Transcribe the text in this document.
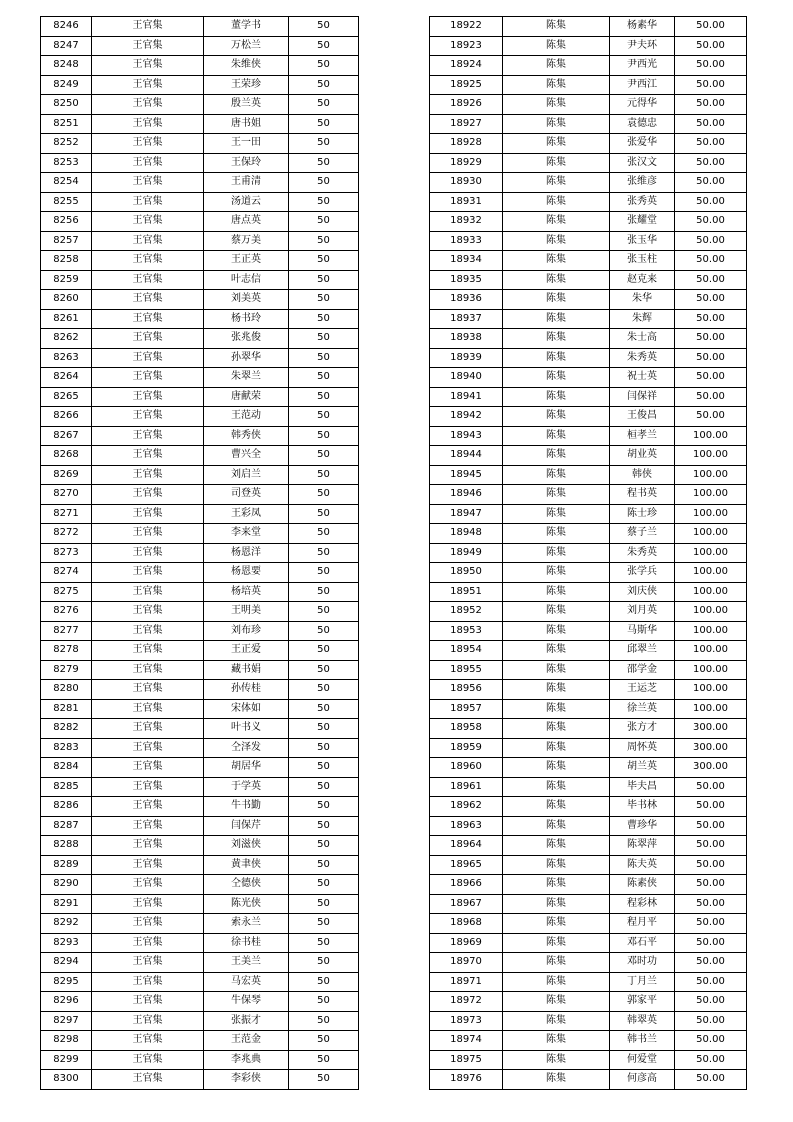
8246	王官集	董学书	50
8247	王官集	万松兰	50
8248	王官集	朱维侠	50
8249	王官集	王荣珍	50
8250	王官集	殷兰英	50
8251	王官集	唐书姐	50
8252	王官集	王一田	50
8253	王官集	王保玲	50
8254	王官集	王甫清	50
8255	王官集	汤道云	50
8256	王官集	唐点英	50
8257	王官集	蔡万美	50
8258	王官集	王正英	50
8259	王官集	叶志信	50
8260	王官集	刘美英	50
8261	王官集	杨书玲	50
8262	王官集	张兆俊	50
8263	王官集	孙翠华	50
8264	王官集	朱翠兰	50
8265	王官集	唐献荣	50
8266	王官集	王范动	50
8267	王官集	韩秀侠	50
8268	王官集	曹兴全	50
8269	王官集	刘启兰	50
8270	王官集	司登英	50
8271	王官集	王彩凤	50
8272	王官集	李来堂	50
8273	王官集	杨恩洋	50
8274	王官集	杨恩要	50
8275	王官集	杨培英	50
8276	王官集	王明美	50
8277	王官集	刘布珍	50
8278	王官集	王正爱	50
8279	王官集	藏书娟	50
8280	王官集	孙传桂	50
8281	王官集	宋体如	50
8282	王官集	叶书义	50
8283	王官集	仝泽发	50
8284	王官集	胡居华	50
8285	王官集	于学英	50
8286	王官集	牛书勤	50
8287	王官集	闫保芹	50
8288	王官集	刘滋侠	50
8289	王官集	黄聿侠	50
8290	王官集	仝德侠	50
8291	王官集	陈光侠	50
8292	王官集	索永兰	50
8293	王官集	徐书桂	50
8294	王官集	王美兰	50
8295	王官集	马宏英	50
8296	王官集	牛保琴	50
8297	王官集	张振才	50
8298	王官集	王范金	50
8299	王官集	李兆典	50
8300	王官集	李彩侠	50
18922	陈集	杨素华	50.00
18923	陈集	尹夫环	50.00
18924	陈集	尹西光	50.00
18925	陈集	尹西江	50.00
18926	陈集	元得华	50.00
18927	陈集	袁德忠	50.00
18928	陈集	张爱华	50.00
18929	陈集	张汉文	50.00
18930	陈集	张维彦	50.00
18931	陈集	张秀英	50.00
18932	陈集	张耀堂	50.00
18933	陈集	张玉华	50.00
18934	陈集	张玉柱	50.00
18935	陈集	赵克来	50.00
18936	陈集	朱华	50.00
18937	陈集	朱辉	50.00
18938	陈集	朱士高	50.00
18939	陈集	朱秀英	50.00
18940	陈集	祝士英	50.00
18941	陈集	闫保祥	50.00
18942	陈集	王俊昌	50.00
18943	陈集	桓孝兰	100.00
18944	陈集	胡业英	100.00
18945	陈集	韩侠	100.00
18946	陈集	程书英	100.00
18947	陈集	陈士珍	100.00
18948	陈集	蔡子兰	100.00
18949	陈集	朱秀英	100.00
18950	陈集	张学兵	100.00
18951	陈集	刘庆侠	100.00
18952	陈集	刘月英	100.00
18953	陈集	马斯华	100.00
18954	陈集	邱翠兰	100.00
18955	陈集	邵学金	100.00
18956	陈集	王运芝	100.00
18957	陈集	徐兰英	100.00
18958	陈集	张方才	300.00
18959	陈集	周怀英	300.00
18960	陈集	胡兰英	300.00
18961	陈集	毕夫昌	50.00
18962	陈集	毕书林	50.00
18963	陈集	曹珍华	50.00
18964	陈集	陈翠萍	50.00
18965	陈集	陈夫英	50.00
18966	陈集	陈素侠	50.00
18967	陈集	程彩林	50.00
18968	陈集	程月平	50.00
18969	陈集	邓石平	50.00
18970	陈集	邓时功	50.00
18971	陈集	丁月兰	50.00
18972	陈集	郭家平	50.00
18973	陈集	韩翠英	50.00
18974	陈集	韩书兰	50.00
18975	陈集	何爱堂	50.00
18976	陈集	何彦高	50.00
